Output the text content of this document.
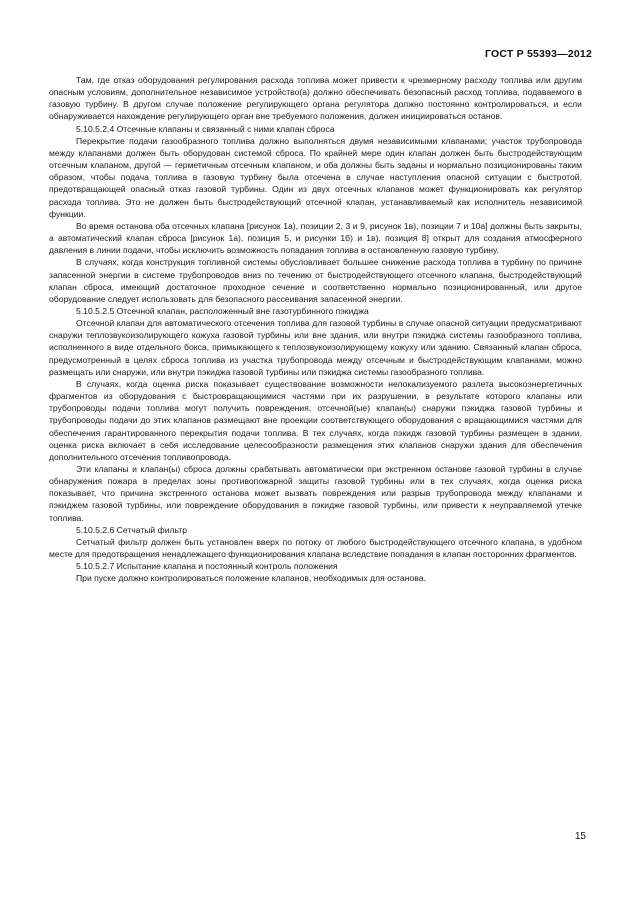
ГОСТ Р 55393—2012

Там, где отказ оборудования регулирования расхода топлива может привести к чрезмерному расходу топлива или другим опасным условиям, дополнительное независимое устройство(а) должно обеспечивать безопасный расход топлива, подаваемого в газовую турбину. В другом случае положение регулирующего органа регулятора должно постоянно контролироваться, и если обнаруживается нахождение регулирующего орган вне требуемого положения, должен инициироваться останов.

5.10.5.2.4 Отсечные клапаны и связанный с ними клапан сброса

Перекрытие подачи газообразного топлива должно выполняться двумя независимыми клапанами; участок трубопровода между клапанами должен быть оборудован системой сброса. По крайней мере один клапан должен быть быстродействующим отсечным клапаном, другой — герметичным отсечным клапаном, и оба должны быть заданы и нормально позиционированы таким образом, чтобы подача топлива в газовую турбину была отсечена в случае наступления опасной ситуации с быстротой, предотвращающей опасный отказ газовой турбины. Один из двух отсечных клапанов может функционировать как регулятор расхода топлива. Это не должен быть быстродействующий отсечной клапан, устанавливаемый как исполнитель независимой функции.

Во время останова оба отсечных клапана [рисунок 1а), позиции 2, 3 и 9, рисунок 1в), позиции 7 и 10а] должны быть закрыты, а автоматический клапан сброса [рисунок 1а), позиция 5, и рисунки 1б) и 1в), позиция 8] открыт для создания атмосферного давления в линии подачи, чтобы исключить возможность попадания топлива в остановленную газовую турбину.

В случаях, когда конструкция топливной системы обусловливает большее снижение расхода топлива в турбину по причине запасенной энергии в системе трубопроводов вниз по течению от быстродействующего отсечного клапана, быстродействующий клапан сброса, имеющий достаточное проходное сечение и соответственно нормально позиционированный, или другое оборудование следует использовать для безопасного рассеивания запасенной энергии.

5.10.5.2.5 Отсечной клапан, расположенный вне газотурбинного пэкиджа

Отсечной клапан для автоматического отсечения топлива для газовой турбины в случае опасной ситуации предусматривают снаружи теплозвукоизолирующего кожуха газовой турбины или вне здания, или внутри пэкиджа системы газообразного топлива, исполненного в виде отдельного бокса, примыкающего к теплозвукоизолирующему кожуху или зданию. Связанный клапан сброса, предусмотренный в целях сброса топлива из участка трубопровода между отсечным и быстродействующим клапанами, можно размещать или снаружи, или внутри пэкиджа газовой турбины или пэкиджа системы газообразного топлива.

В случаях, когда оценка риска показывает существование возможности нелокализуемого разлета высокоэнергетичных фрагментов из оборудования с быстровращающимися частями при их разрушении, в результате которого клапаны или трубопроводы подачи топлива могут получить повреждения, отсечной(ые) клапан(ы) снаружи пэкиджа газовой турбины и трубопроводы подачи до этих клапанов размещают вне проекции соответствующего оборудования с вращающимися частями для обеспечения гарантированного перекрытия подачи топлива. В тех случаях, когда пэкидж газовой турбины размещен в здании, оценка риска включает в себя исследование целесообразности размещения этих клапанов снаружи здания для обеспечения дополнительного отсечения топливопровода.

Эти клапаны и клапан(ы) сброса должны срабатывать автоматически при экстренном останове газовой турбины в случае обнаружения пожара в пределах зоны противопожарной защиты газовой турбины или в тех случаях, когда оценка риска показывает, что причина экстренного останова может вызвать повреждения или разрыв трубопровода между клапанами и пэкиджем газовой турбины, или повреждение оборудования в пэкидже газовой турбины, или привести к неуправляемой утечке топлива.

5.10.5.2.6 Сетчатый фильтр

Сетчатый фильтр должен быть установлен вверх по потоку от любого быстродействующего отсечного клапана, в удобном месте для предотвращения ненадлежащего функционирования клапана вследствие попадания в клапан посторонних фрагментов.

5.10.5.2.7 Испытание клапана и постоянный контроль положения

При пуске должно контролироваться положение клапанов, необходимых для останова.

15
